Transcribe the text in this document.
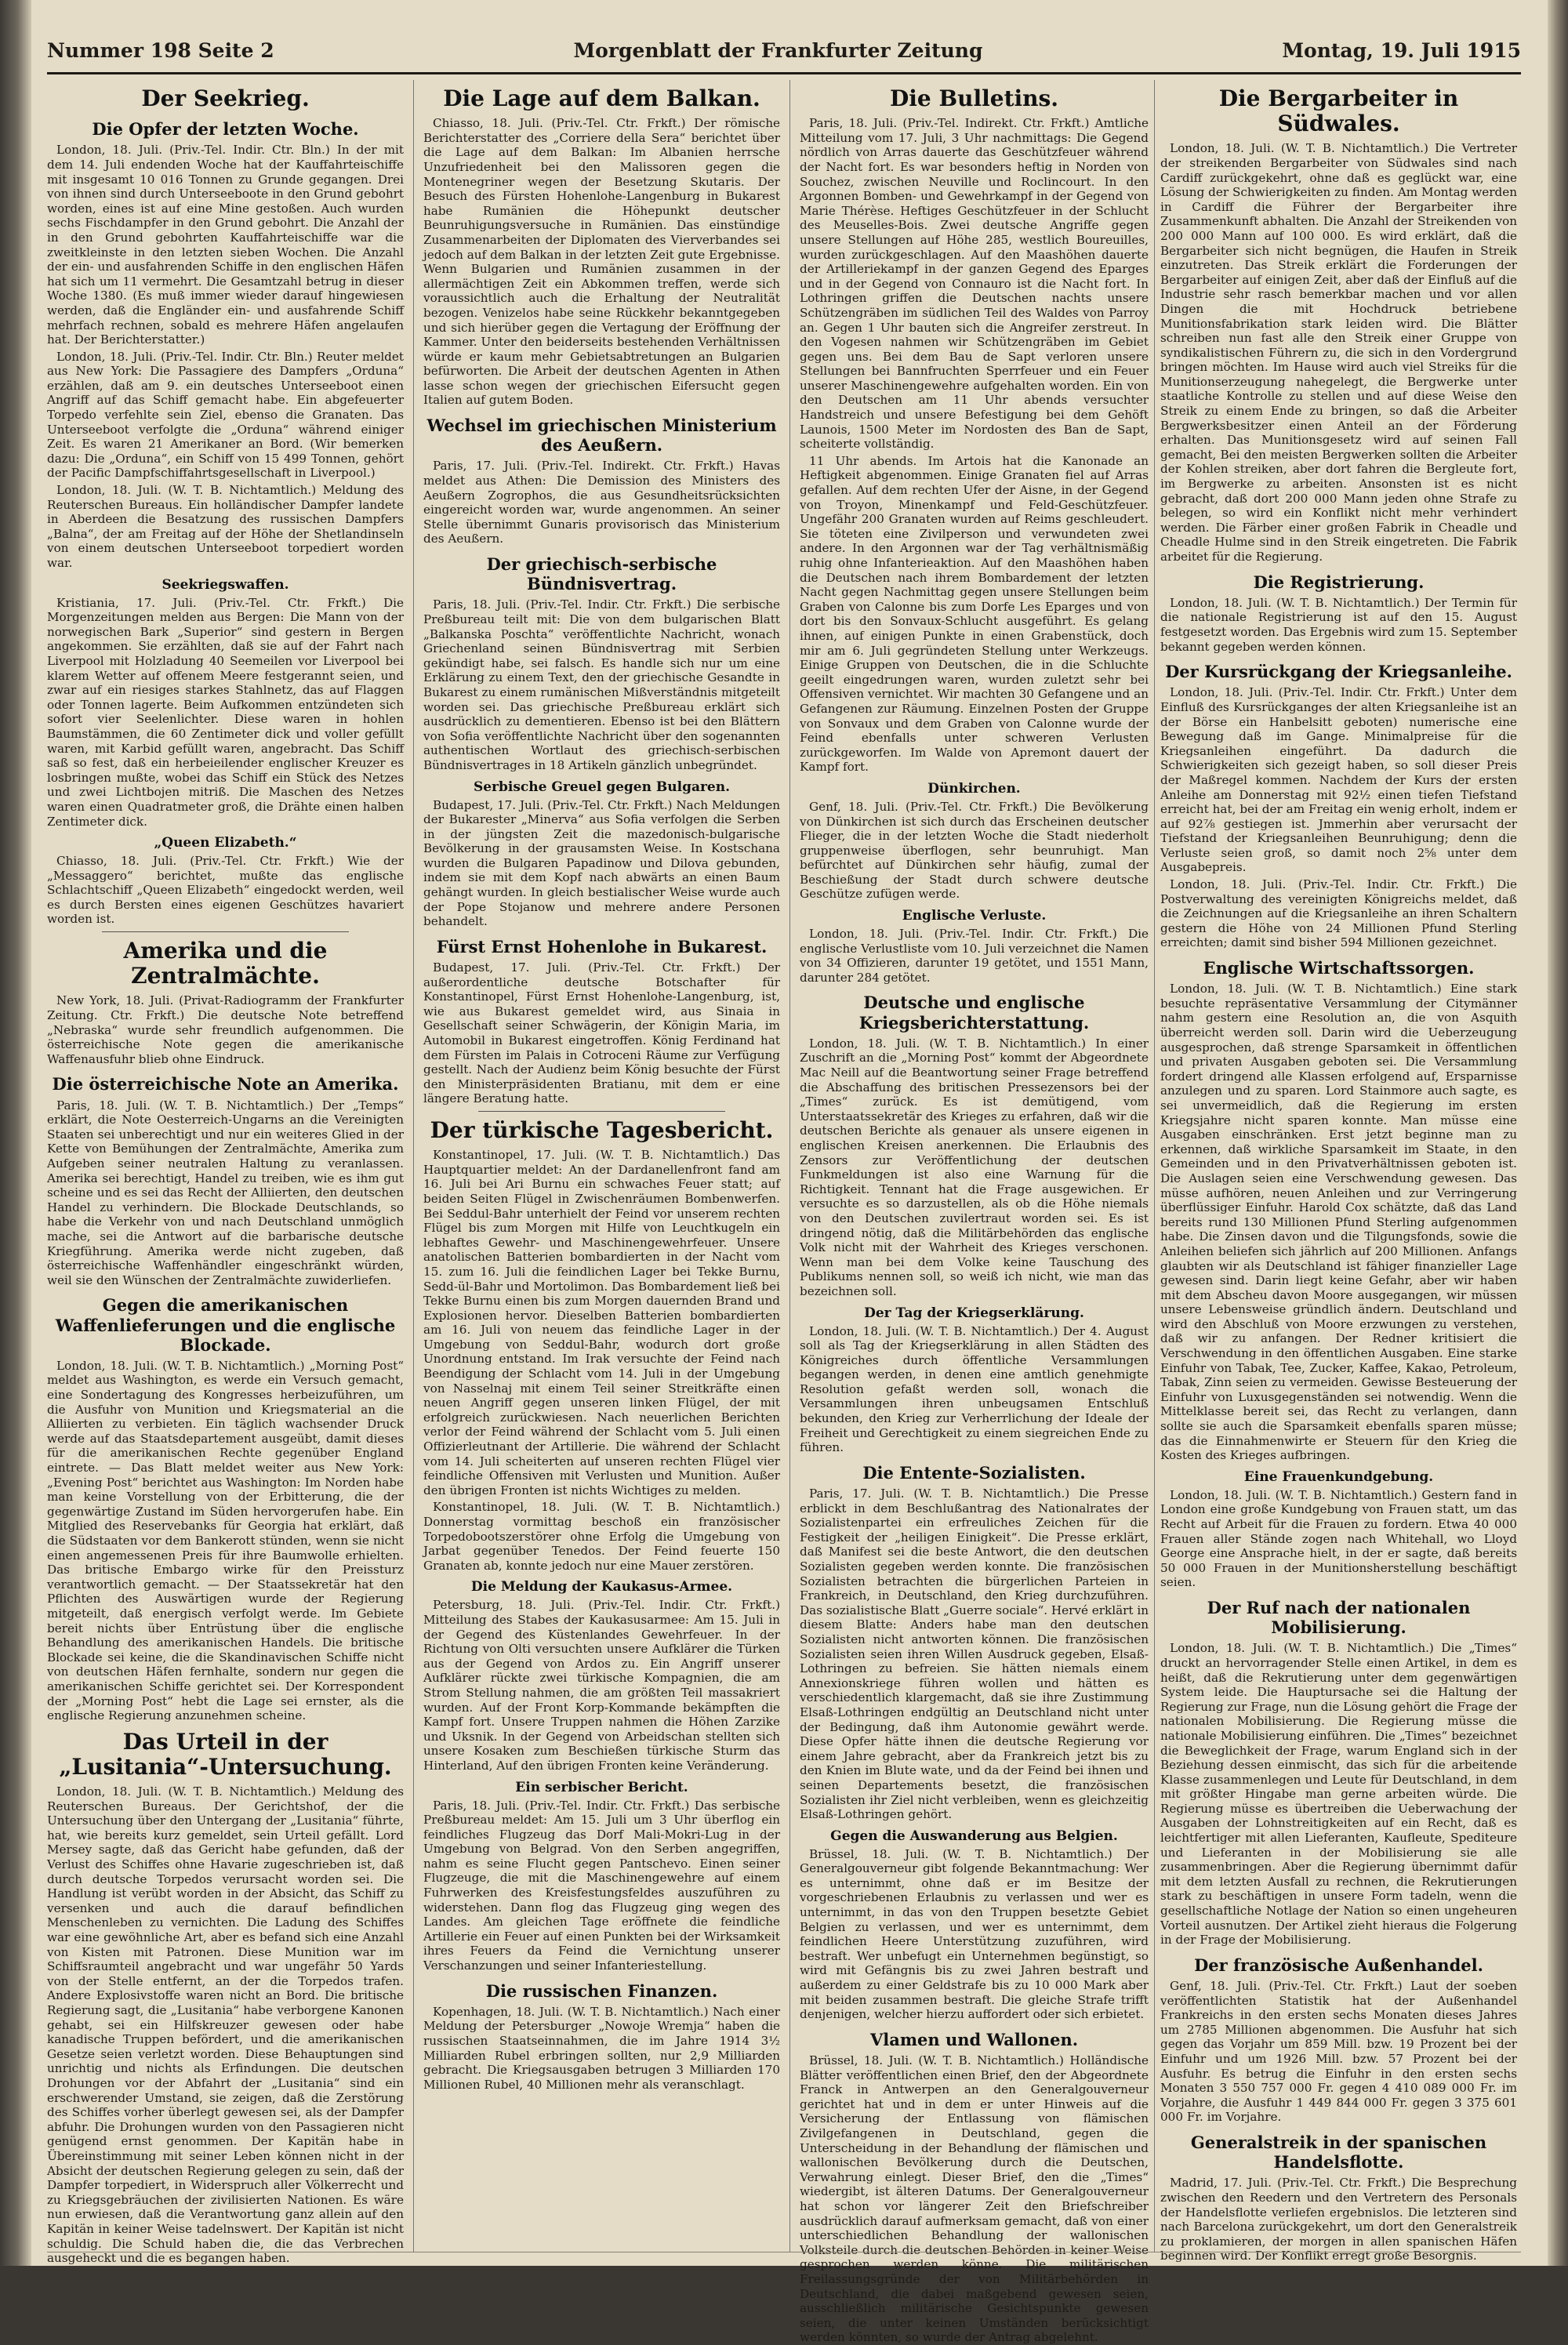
Nummer 198 Seite 2	Morgenblatt der Frankfurter Zeitung	Montag, 19. Juli 1915
Der Seekrieg.
Die Opfer der letzten Woche.

London, 18. Juli. (Priv.-Tel. Indir. Ctr. Bln.) In der mit dem 14. Juli endenden Woche hat der Kauffahrteischiffe mit insgesamt 10 016 Tonnen zu Grunde gegangen. Drei von ihnen sind durch Unterseeboote in den Grund gebohrt worden, eines ist auf eine Mine gestoßen. Auch wurden sechs Fischdampfer in den Grund gebohrt. Die Anzahl der in den Grund gebohrten Kauffahrteischiffe war die zweitkleinste in den letzten sieben Wochen. Die Anzahl der ein- und ausfahrenden Schiffe in den englischen Häfen hat sich um 11 vermehrt. Die Gesamtzahl betrug in dieser Woche 1380. (Es muß immer wieder darauf hingewiesen werden, daß die Engländer ein- und ausfahrende Schiff mehrfach rechnen, sobald es mehrere Häfen angelaufen hat. Der Berichterstatter.)

London, 18. Juli. (Priv.-Tel. Indir. Ctr. Bln.) Reuter meldet aus New York: Die Passagiere des Dampfers „Orduna“ erzählen, daß am 9. ein deutsches Unterseeboot einen Angriff auf das Schiff gemacht habe. Ein abgefeuerter Torpedo verfehlte sein Ziel, ebenso die Granaten. Das Unterseeboot verfolgte die „Orduna“ während einiger Zeit. Es waren 21 Amerikaner an Bord. (Wir bemerken dazu: Die „Orduna“, ein Schiff von 15 499 Tonnen, gehört der Pacific Dampfschiffahrtsgesellschaft in Liverpool.)

London, 18. Juli. (W. T. B. Nichtamtlich.) Meldung des Reuterschen Bureaus. Ein holländischer Dampfer landete in Aberdeen die Besatzung des russischen Dampfers „Balna“, der am Freitag auf der Höhe der Shetlandinseln von einem deutschen Unterseeboot torpediert worden war.

Seekriegswaffen.

Kristiania, 17. Juli. (Priv.-Tel. Ctr. Frkft.) Die Morgenzeitungen melden aus Bergen: Die Mann von der norwegischen Bark „Superior“ sind gestern in Bergen angekommen. Sie erzählten, daß sie auf der Fahrt nach Liverpool mit Holzladung 40 Seemeilen vor Liverpool bei klarem Wetter auf offenem Meere festgerannt seien, und zwar auf ein riesiges starkes Stahlnetz, das auf Flaggen oder Tonnen lagerte. Beim Aufkommen entzündeten sich sofort vier Seelenlichter. Diese waren in hohlen Baumstämmen, die 60 Zentimeter dick und voller gefüllt waren, mit Karbid gefüllt waren, angebracht. Das Schiff saß so fest, daß ein herbeieilender englischer Kreuzer es losbringen mußte, wobei das Schiff ein Stück des Netzes und zwei Lichtbojen mitriß. Die Maschen des Netzes waren einen Quadratmeter groß, die Drähte einen halben Zentimeter dick.

„Queen Elizabeth.“

Chiasso, 18. Juli. (Priv.-Tel. Ctr. Frkft.) Wie der „Messaggero“ berichtet, mußte das englische Schlachtschiff „Queen Elizabeth“ eingedockt werden, weil es durch Bersten eines eigenen Geschützes havariert worden ist.

Amerika und die Zentralmächte.

New York, 18. Juli. (Privat-Radiogramm der Frankfurter Zeitung. Ctr. Frkft.) Die deutsche Note betreffend „Nebraska“ wurde sehr freundlich aufgenommen. Die österreichische Note gegen die amerikanische Waffenausfuhr blieb ohne Eindruck.

Die österreichische Note an Amerika.

Paris, 18. Juli. (W. T. B. Nichtamtlich.) Der „Temps“ erklärt, die Note Oesterreich-Ungarns an die Vereinigten Staaten sei unberechtigt und nur ein weiteres Glied in der Kette von Bemühungen der Zentralmächte, Amerika zum Aufgeben seiner neutralen Haltung zu veranlassen. Amerika sei berechtigt, Handel zu treiben, wie es ihm gut scheine und es sei das Recht der Alliierten, den deutschen Handel zu verhindern. Die Blockade Deutschlands, so habe die Verkehr von und nach Deutschland unmöglich mache, sei die Antwort auf die barbarische deutsche Kriegführung. Amerika werde nicht zugeben, daß österreichische Waffenhändler eingeschränkt würden, weil sie den Wünschen der Zentralmächte zuwiderliefen.

Gegen die amerikanischen Waffenlieferungen und die englische Blockade.

London, 18. Juli. (W. T. B. Nichtamtlich.) „Morning Post“ meldet aus Washington, es werde ein Versuch gemacht, eine Sondertagung des Kongresses herbeizuführen, um die Ausfuhr von Munition und Kriegsmaterial an die Alliierten zu verbieten. Ein täglich wachsender Druck werde auf das Staatsdepartement ausgeübt, damit dieses für die amerikanischen Rechte gegenüber England eintrete. — Das Blatt meldet weiter aus New York: „Evening Post“ berichtet aus Washington: Im Norden habe man keine Vorstellung von der Erbitterung, die der gegenwärtige Zustand im Süden hervorgerufen habe. Ein Mitglied des Reservebanks für Georgia hat erklärt, daß die Südstaaten vor dem Bankerott stünden, wenn sie nicht einen angemessenen Preis für ihre Baumwolle erhielten. Das britische Embargo wirke für den Preissturz verantwortlich gemacht. — Der Staatssekretär hat den Pflichten des Auswärtigen wurde der Regierung mitgeteilt, daß energisch verfolgt werde. Im Gebiete bereit nichts über Entrüstung über die englische Behandlung des amerikanischen Handels. Die britische Blockade sei keine, die die Skandinavischen Schiffe nicht von deutschen Häfen fernhalte, sondern nur gegen die amerikanischen Schiffe gerichtet sei. Der Korrespondent der „Morning Post“ hebt die Lage sei ernster, als die englische Regierung anzunehmen scheine.

Das Urteil in der „Lusitania“-Untersuchung.

London, 18. Juli. (W. T. B. Nichtamtlich.) Meldung des Reuterschen Bureaus. Der Gerichtshof, der die Untersuchung über den Untergang der „Lusitania“ führte, hat, wie bereits kurz gemeldet, sein Urteil gefällt. Lord Mersey sagte, daß das Gericht habe gefunden, daß der Verlust des Schiffes ohne Havarie zugeschrieben ist, daß durch deutsche Torpedos verursacht worden sei. Die Handlung ist verübt worden in der Absicht, das Schiff zu versenken und auch die darauf befindlichen Menschenleben zu vernichten. Die Ladung des Schiffes war eine gewöhnliche Art, aber es befand sich eine Anzahl von Kisten mit Patronen. Diese Munition war im Schiffsraumteil angebracht und war ungefähr 50 Yards von der Stelle entfernt, an der die Torpedos trafen. Andere Explosivstoffe waren nicht an Bord. Die britische Regierung sagt, die „Lusitania“ habe verborgene Kanonen gehabt, sei ein Hilfskreuzer gewesen oder habe kanadische Truppen befördert, und die amerikanischen Gesetze seien verletzt worden. Diese Behauptungen sind unrichtig und nichts als Erfindungen. Die deutschen Drohungen vor der Abfahrt der „Lusitania“ sind ein erschwerender Umstand, sie zeigen, daß die Zerstörung des Schiffes vorher überlegt gewesen sei, als der Dampfer abfuhr. Die Drohungen wurden von den Passagieren nicht genügend ernst genommen. Der Kapitän habe in Übereinstimmung mit seiner Leben können nicht in der Absicht der deutschen Regierung gelegen zu sein, daß der Dampfer torpediert, in Widerspruch aller Völkerrecht und zu Kriegsgebräuchen der zivilisierten Nationen. Es wäre nun erwiesen, daß die Verantwortung ganz allein auf den Kapitän in keiner Weise tadelnswert. Der Kapitän ist nicht schuldig. Die Schuld haben die, die das Verbrechen ausgeheckt und die es begangen haben.

Die Lage auf dem Balkan.

Chiasso, 18. Juli. (Priv.-Tel. Ctr. Frkft.) Der römische Berichterstatter des „Corriere della Sera“ berichtet über die Lage auf dem Balkan: Im Albanien herrsche Unzufriedenheit bei den Malissoren gegen die Montenegriner wegen der Besetzung Skutaris. Der Besuch des Fürsten Hohenlohe-Langenburg in Bukarest habe Rumänien die Höhepunkt deutscher Beunruhigungsversuche in Rumänien. Das einstündige Zusammenarbeiten der Diplomaten des Vierverbandes sei jedoch auf dem Balkan in der letzten Zeit gute Ergebnisse. Wenn Bulgarien und Rumänien zusammen in der allermächtigen Zeit ein Abkommen treffen, werde sich voraussichtlich auch die Erhaltung der Neutralität bezogen. Venizelos habe seine Rückkehr bekanntgegeben und sich hierüber gegen die Vertagung der Eröffnung der Kammer. Unter den beiderseits bestehenden Verhältnissen würde er kaum mehr Gebietsabtretungen an Bulgarien befürworten. Die Arbeit der deutschen Agenten in Athen lasse schon wegen der griechischen Eifersucht gegen Italien auf gutem Boden.

Wechsel im griechischen Ministerium des Aeußern.

Paris, 17. Juli. (Priv.-Tel. Indirekt. Ctr. Frkft.) Havas meldet aus Athen: Die Demission des Ministers des Aeußern Zogrophos, die aus Gesundheitsrücksichten eingereicht worden war, wurde angenommen. An seiner Stelle übernimmt Gunaris provisorisch das Ministerium des Aeußern.

Der griechisch-serbische Bündnisvertrag.

Paris, 18. Juli. (Priv.-Tel. Indir. Ctr. Frkft.) Die serbische Preßbureau teilt mit: Die von dem bulgarischen Blatt „Balkanska Poschta“ veröffentlichte Nachricht, wonach Griechenland seinen Bündnisvertrag mit Serbien gekündigt habe, sei falsch. Es handle sich nur um eine Erklärung zu einem Text, den der griechische Gesandte in Bukarest zu einem rumänischen Mißverständnis mitgeteilt worden sei. Das griechische Preßbureau erklärt sich ausdrücklich zu dementieren. Ebenso ist bei den Blättern von Sofia veröffentlichte Nachricht über den sogenannten authentischen Wortlaut des griechisch-serbischen Bündnisvertrages in 18 Artikeln gänzlich unbegründet.

Serbische Greuel gegen Bulgaren.

Budapest, 17. Juli. (Priv.-Tel. Ctr. Frkft.) Nach Meldungen der Bukarester „Minerva“ aus Sofia verfolgen die Serben in der jüngsten Zeit die mazedonisch-bulgarische Bevölkerung in der grausamsten Weise. In Kostschana wurden die Bulgaren Papadinow und Dilova gebunden, indem sie mit dem Kopf nach abwärts an einen Baum gehängt wurden. In gleich bestialischer Weise wurde auch der Pope Stojanow und mehrere andere Personen behandelt.

Fürst Ernst Hohenlohe in Bukarest.

Budapest, 17. Juli. (Priv.-Tel. Ctr. Frkft.) Der außerordentliche deutsche Botschafter für Konstantinopel, Fürst Ernst Hohenlohe-Langenburg, ist, wie aus Bukarest gemeldet wird, aus Sinaia in Gesellschaft seiner Schwägerin, der Königin Maria, im Automobil in Bukarest eingetroffen. König Ferdinand hat dem Fürsten im Palais in Cotroceni Räume zur Verfügung gestellt. Nach der Audienz beim König besuchte der Fürst den Ministerpräsidenten Bratianu, mit dem er eine längere Beratung hatte.

Der türkische Tagesbericht.

Konstantinopel, 17. Juli. (W. T. B. Nichtamtlich.) Das Hauptquartier meldet: An der Dardanellenfront fand am 16. Juli bei Ari Burnu ein schwaches Feuer statt; auf beiden Seiten Flügel in Zwischenräumen Bombenwerfen. Bei Seddul-Bahr unterhielt der Feind vor unserem rechten Flügel bis zum Morgen mit Hilfe von Leuchtkugeln ein lebhaftes Gewehr- und Maschinengewehrfeuer. Unsere anatolischen Batterien bombardierten in der Nacht vom 15. zum 16. Juli die feindlichen Lager bei Tekke Burnu, Sedd-ül-Bahr und Mortolimon. Das Bombardement ließ bei Tekke Burnu einen bis zum Morgen dauernden Brand und Explosionen hervor. Dieselben Batterien bombardierten am 16. Juli von neuem das feindliche Lager in der Umgebung von Seddul-Bahr, wodurch dort große Unordnung entstand. Im Irak versuchte der Feind nach Beendigung der Schlacht vom 14. Juli in der Umgebung von Nasselnaj mit einem Teil seiner Streitkräfte einen neuen Angriff gegen unseren linken Flügel, der mit erfolgreich zurückwiesen. Nach neuerlichen Berichten verlor der Feind während der Schlacht vom 5. Juli einen Offizierleutnant der Artillerie. Die während der Schlacht vom 14. Juli scheiterten auf unseren rechten Flügel vier feindliche Offensiven mit Verlusten und Munition. Außer den übrigen Fronten ist nichts Wichtiges zu melden.

Konstantinopel, 18. Juli. (W. T. B. Nichtamtlich.) Donnerstag vormittag beschoß ein französischer Torpedobootszerstörer ohne Erfolg die Umgebung von Jarbat gegenüber Tenedos. Der Feind feuerte 150 Granaten ab, konnte jedoch nur eine Mauer zerstören.

Die Meldung der Kaukasus-Armee.

Petersburg, 18. Juli. (Priv.-Tel. Indir. Ctr. Frkft.) Mitteilung des Stabes der Kaukasusarmee: Am 15. Juli in der Gegend des Küstenlandes Gewehrfeuer. In der Richtung von Olti versuchten unsere Aufklärer die Türken aus der Gegend von Ardos zu. Ein Angriff unserer Aufklärer rückte zwei türkische Kompagnien, die am Strom Stellung nahmen, die am größten Teil massakriert wurden. Auf der Front Korp-Kommande bekämpften die Kampf fort. Unsere Truppen nahmen die Höhen Zarzike und Uksnik. In der Gegend von Arbeidschan stellten sich unsere Kosaken zum Beschießen türkische Sturm das Hinterland, Auf den übrigen Fronten keine Veränderung.

Ein serbischer Bericht.

Paris, 18. Juli. (Priv.-Tel. Indir. Ctr. Frkft.) Das serbische Preßbureau meldet: Am 15. Juli um 3 Uhr überflog ein feindliches Flugzeug das Dorf Mali-Mokri-Lug in der Umgebung von Belgrad. Von den Serben angegriffen, nahm es seine Flucht gegen Pantschevo. Einen seiner Flugzeuge, die mit die Maschinengewehre auf einem Fuhrwerken des Kreisfestungsfeldes auszuführen zu widerstehen. Dann flog das Flugzeug ging wegen des Landes. Am gleichen Tage eröffnete die feindliche Artillerie ein Feuer auf einen Punkten bei der Wirksamkeit ihres Feuers da Feind die Vernichtung unserer Verschanzungen und seiner Infanteriestellung.

Die russischen Finanzen.

Kopenhagen, 18. Juli. (W. T. B. Nichtamtlich.) Nach einer Meldung der Petersburger „Nowoje Wremja“ haben die russischen Staatseinnahmen, die im Jahre 1914 3½ Milliarden Rubel erbringen sollten, nur 2,9 Milliarden gebracht. Die Kriegsausgaben betrugen 3 Milliarden 170 Millionen Rubel, 40 Millionen mehr als veranschlagt.

Die Bulletins.

Paris, 18. Juli. (Priv.-Tel. Indirekt. Ctr. Frkft.) Amtliche Mitteilung vom 17. Juli, 3 Uhr nachmittags: Die Gegend nördlich von Arras dauerte das Geschützfeuer während der Nacht fort. Es war besonders heftig in Norden von Souchez, zwischen Neuville und Roclincourt. In den Argonnen Bomben- und Gewehrkampf in der Gegend von Marie Thérèse. Heftiges Geschützfeuer in der Schlucht des Meuselles-Bois. Zwei deutsche Angriffe gegen unsere Stellungen auf Höhe 285, westlich Boureuilles, wurden zurückgeschlagen. Auf den Maashöhen dauerte der Artilleriekampf in der ganzen Gegend des Eparges und in der Gegend von Connauro ist die Nacht fort. In Lothringen griffen die Deutschen nachts unsere Schützengräben im südlichen Teil des Waldes von Parroy an. Gegen 1 Uhr bauten sich die Angreifer zerstreut. In den Vogesen nahmen wir Schützengräben im Gebiet gegen uns. Bei dem Bau de Sapt verloren unsere Stellungen bei Bannfruchten Sperrfeuer und ein Feuer unserer Maschinengewehre aufgehalten worden. Ein von den Deutschen am 11 Uhr abends versuchter Handstreich und unsere Befestigung bei dem Gehöft Launois, 1500 Meter im Nordosten des Ban de Sapt, scheiterte vollständig.

11 Uhr abends. Im Artois hat die Kanonade an Heftigkeit abgenommen. Einige Granaten fiel auf Arras gefallen. Auf dem rechten Ufer der Aisne, in der Gegend von Troyon, Minenkampf und Feld-Geschützfeuer. Ungefähr 200 Granaten wurden auf Reims geschleudert. Sie töteten eine Zivilperson und verwundeten zwei andere. In den Argonnen war der Tag verhältnismäßig ruhig ohne Infanterieaktion. Auf den Maashöhen haben die Deutschen nach ihrem Bombardement der letzten Nacht gegen Nachmittag gegen unsere Stellungen beim Graben von Calonne bis zum Dorfe Les Eparges und von dort bis den Sonvaux-Schlucht ausgeführt. Es gelang ihnen, auf einigen Punkte in einen Grabenstück, doch mir am 6. Juli gegründeten Stellung unter Werkzeugs. Einige Gruppen von Deutschen, die in die Schluchte geeilt eingedrungen waren, wurden zuletzt sehr bei Offensiven vernichtet. Wir machten 30 Gefangene und an Gefangenen zur Räumung. Einzelnen Posten der Gruppe von Sonvaux und dem Graben von Calonne wurde der Feind ebenfalls unter schweren Verlusten zurückgeworfen. Im Walde von Apremont dauert der Kampf fort.

Dünkirchen.

Genf, 18. Juli. (Priv.-Tel. Ctr. Frkft.) Die Bevölkerung von Dünkirchen ist sich durch das Erscheinen deutscher Flieger, die in der letzten Woche die Stadt niederholt gruppenweise überflogen, sehr beunruhigt. Man befürchtet auf Dünkirchen sehr häufig, zumal der Beschießung der Stadt durch schwere deutsche Geschütze zufügen werde.

Englische Verluste.

London, 18. Juli. (Priv.-Tel. Indir. Ctr. Frkft.) Die englische Verlustliste vom 10. Juli verzeichnet die Namen von 34 Offizieren, darunter 19 getötet, und 1551 Mann, darunter 284 getötet.

Deutsche und englische Kriegsberichterstattung.

London, 18. Juli. (W. T. B. Nichtamtlich.) In einer Zuschrift an die „Morning Post“ kommt der Abgeordnete Mac Neill auf die Beantwortung seiner Frage betreffend die Abschaffung des britischen Pressezensors bei der „Times“ zurück. Es ist demütigend, vom Unterstaatssekretär des Krieges zu erfahren, daß wir die deutschen Berichte als genauer als unsere eigenen in englischen Kreisen anerkennen. Die Erlaubnis des Zensors zur Veröffentlichung der deutschen Funkmeldungen ist also eine Warnung für die Richtigkeit. Tennant hat die Frage ausgewichen. Er versuchte es so darzustellen, als ob die Höhe niemals von den Deutschen zuvilertraut worden sei. Es ist dringend nötig, daß die Militärbehörden das englische Volk nicht mit der Wahrheit des Krieges verschonen. Wenn man bei dem Volke keine Tauschung des Publikums nennen soll, so weiß ich nicht, wie man das bezeichnen soll.

Der Tag der Kriegserklärung.

London, 18. Juli. (W. T. B. Nichtamtlich.) Der 4. August soll als Tag der Kriegserklärung in allen Städten des Königreiches durch öffentliche Versammlungen begangen werden, in denen eine amtlich genehmigte Resolution gefaßt werden soll, wonach die Versammlungen ihren unbeugsamen Entschluß bekunden, den Krieg zur Verherrlichung der Ideale der Freiheit und Gerechtigkeit zu einem siegreichen Ende zu führen.

Die Entente-Sozialisten.

Paris, 17. Juli. (W. T. B. Nichtamtlich.) Die Presse erblickt in dem Beschlußantrag des Nationalrates der Sozialistenpartei ein erfreuliches Zeichen für die Festigkeit der „heiligen Einigkeit“. Die Presse erklärt, daß Manifest sei die beste Antwort, die den deutschen Sozialisten gegeben werden konnte. Die französischen Sozialisten betrachten die bürgerlichen Parteien in Frankreich, in Deutschland, den Krieg durchzuführen. Das sozialistische Blatt „Guerre sociale“. Hervé erklärt in diesem Blatte: Anders habe man den deutschen Sozialisten nicht antworten können. Die französischen Sozialisten seien ihren Willen Ausdruck gegeben, Elsaß-Lothringen zu befreien. Sie hätten niemals einem Annexionskriege führen wollen und hätten es verschiedentlich klargemacht, daß sie ihre Zustimmung Elsaß-Lothringen endgültig an Deutschland nicht unter der Bedingung, daß ihm Autonomie gewährt werde. Diese Opfer hätte ihnen die deutsche Regierung vor einem Jahre gebracht, aber da Frankreich jetzt bis zu den Knien im Blute wate, und da der Feind bei ihnen und seinen Departements besetzt, die französischen Sozialisten ihr Ziel nicht verbleiben, wenn es gleichzeitig Elsaß-Lothringen gehört.

Gegen die Auswanderung aus Belgien.

Brüssel, 18. Juli. (W. T. B. Nichtamtlich.) Der Generalgouverneur gibt folgende Bekanntmachung: Wer es unternimmt, ohne daß er im Besitze der vorgeschriebenen Erlaubnis zu verlassen und wer es unternimmt, in das von den Truppen besetzte Gebiet Belgien zu verlassen, und wer es unternimmt, dem feindlichen Heere Unterstützung zuzuführen, wird bestraft. Wer unbefugt ein Unternehmen begünstigt, so wird mit Gefängnis bis zu zwei Jahren bestraft und außerdem zu einer Geldstrafe bis zu 10 000 Mark aber mit beiden zusammen bestraft. Die gleiche Strafe trifft denjenigen, welcher hierzu auffordert oder sich erbietet.

Vlamen und Wallonen.

Brüssel, 18. Juli. (W. T. B. Nichtamtlich.) Holländische Blätter veröffentlichen einen Brief, den der Abgeordnete Franck in Antwerpen an den Generalgouverneur gerichtet hat und in dem er unter Hinweis auf die Versicherung der Entlassung von flämischen Zivilgefangenen in Deutschland, gegen die Unterscheidung in der Behandlung der flämischen und wallonischen Bevölkerung durch die Deutschen, Verwahrung einlegt. Dieser Brief, den die „Times“ wiedergibt, ist älteren Datums. Der Generalgouverneur hat schon vor längerer Zeit den Briefschreiber ausdrücklich darauf aufmerksam gemacht, daß von einer unterschiedlichen Behandlung der wallonischen Volksteile durch die deutschen Behörden in keiner Weise gesprochen werden könne. Die militärischen Freilassungsgründe der von Militärbehörden in Deutschland, die dabei maßgebend gewesen seien, ausschließlich militärische Gesichtspunkte gewesen seien, die unter keinen Umständen berücksichtigt werden könnten, so wurde der Antrag abgelehnt.

Die Bergarbeiter in Südwales.

London, 18. Juli. (W. T. B. Nichtamtlich.) Die Vertreter der streikenden Bergarbeiter von Südwales sind nach Cardiff zurückgekehrt, ohne daß es geglückt war, eine Lösung der Schwierigkeiten zu finden. Am Montag werden in Cardiff die Führer der Bergarbeiter ihre Zusammenkunft abhalten. Die Anzahl der Streikenden von 200 000 Mann auf 100 000. Es wird erklärt, daß die Bergarbeiter sich nicht begnügen, die Haufen in Streik einzutreten. Das Streik erklärt die Forderungen der Bergarbeiter auf einigen Zeit, aber daß der Einfluß auf die Industrie sehr rasch bemerkbar machen und vor allen Dingen die mit Hochdruck betriebene Munitionsfabrikation stark leiden wird. Die Blätter schreiben nun fast alle den Streik einer Gruppe von syndikalistischen Führern zu, die sich in den Vordergrund bringen möchten. Im Hause wird auch viel Streiks für die Munitionserzeugung nahegelegt, die Bergwerke unter staatliche Kontrolle zu stellen und auf diese Weise den Streik zu einem Ende zu bringen, so daß die Arbeiter Bergwerksbesitzer einen Anteil an der Förderung erhalten. Das Munitionsgesetz wird auf seinen Fall gemacht, Bei den meisten Bergwerken sollten die Arbeiter der Kohlen streiken, aber dort fahren die Bergleute fort, im Bergwerke zu arbeiten. Ansonsten ist es nicht gebracht, daß dort 200 000 Mann jeden ohne Strafe zu belegen, so wird ein Konflikt nicht mehr verhindert werden. Die Färber einer großen Fabrik in Cheadle und Cheadle Hulme sind in den Streik eingetreten. Die Fabrik arbeitet für die Regierung.

Die Registrierung.

London, 18. Juli. (W. T. B. Nichtamtlich.) Der Termin für die nationale Registrierung ist auf den 15. August festgesetzt worden. Das Ergebnis wird zum 15. September bekannt gegeben werden können.

Der Kursrückgang der Kriegsanleihe.

London, 18. Juli. (Priv.-Tel. Indir. Ctr. Frkft.) Unter dem Einfluß des Kursrückganges der alten Kriegsanleihe ist an der Börse ein Hanbelsitt geboten) numerische eine Bewegung daß im Gange. Minimalpreise für die Kriegsanleihen eingeführt. Da dadurch die Schwierigkeiten sich gezeigt haben, so soll dieser Preis der Maßregel kommen. Nachdem der Kurs der ersten Anleihe am Donnerstag mit 92½ einen tiefen Tiefstand erreicht hat, bei der am Freitag ein wenig erholt, indem er auf 92⅞ gestiegen ist. Jmmerhin aber verursacht der Tiefstand der Kriegsanleihen Beunruhigung; denn die Verluste seien groß, so damit noch 2⅝ unter dem Ausgabepreis.

London, 18. Juli. (Priv.-Tel. Indir. Ctr. Frkft.) Die Postverwaltung des vereinigten Königreichs meldet, daß die Zeichnungen auf die Kriegsanleihe an ihren Schaltern gestern die Höhe von 24 Millionen Pfund Sterling erreichten; damit sind bisher 594 Millionen gezeichnet.

Englische Wirtschaftssorgen.

London, 18. Juli. (W. T. B. Nichtamtlich.) Eine stark besuchte repräsentative Versammlung der Citymänner nahm gestern eine Resolution an, die von Asquith überreicht werden soll. Darin wird die Ueberzeugung ausgesprochen, daß strenge Sparsamkeit in öffentlichen und privaten Ausgaben geboten sei. Die Versammlung fordert dringend alle Klassen erfolgend auf, Ersparnisse anzulegen und zu sparen. Lord Stainmore auch sagte, es sei unvermeidlich, daß die Regierung im ersten Kriegsjahre nicht sparen konnte. Man müsse eine Ausgaben einschränken. Erst jetzt beginne man zu erkennen, daß wirkliche Sparsamkeit im Staate, in den Gemeinden und in den Privatverhältnissen geboten ist. Die Auslagen seien eine Verschwendung gewesen. Das müsse aufhören, neuen Anleihen und zur Verringerung überflüssiger Einfuhr. Harold Cox schätzte, daß das Land bereits rund 130 Millionen Pfund Sterling aufgenommen habe. Die Zinsen davon und die Tilgungsfonds, sowie die Anleihen beliefen sich jährlich auf 200 Millionen. Anfangs glaubten wir als Deutschland ist fähiger finanzieller Lage gewesen sind. Darin liegt keine Gefahr, aber wir haben mit dem Abscheu davon Moore ausgegangen, wir müssen unsere Lebensweise gründlich ändern. Deutschland und wird den Abschluß von Moore erzwungen zu verstehen, daß wir zu anfangen. Der Redner kritisiert die Verschwendung in den öffentlichen Ausgaben. Eine starke Einfuhr von Tabak, Tee, Zucker, Kaffee, Kakao, Petroleum, Tabak, Zinn seien zu vermeiden. Gewisse Besteuerung der Einfuhr von Luxusgegenständen sei notwendig. Wenn die Mittelklasse bereit sei, das Recht zu verlangen, dann sollte sie auch die Sparsamkeit ebenfalls sparen müsse; das die Einnahmenwirte er Steuern für den Krieg die Kosten des Krieges aufbringen.

Eine Frauenkundgebung.

London, 18. Juli. (W. T. B. Nichtamtlich.) Gestern fand in London eine große Kundgebung von Frauen statt, um das Recht auf Arbeit für die Frauen zu fordern. Etwa 40 000 Frauen aller Stände zogen nach Whitehall, wo Lloyd George eine Ansprache hielt, in der er sagte, daß bereits 50 000 Frauen in der Munitionsherstellung beschäftigt seien.

Der Ruf nach der nationalen Mobilisierung.

London, 18. Juli. (W. T. B. Nichtamtlich.) Die „Times“ druckt an hervorragender Stelle einen Artikel, in dem es heißt, daß die Rekrutierung unter dem gegenwärtigen System leide. Die Hauptursache sei die Haltung der Regierung zur Frage, nun die Lösung gehört die Frage der nationalen Mobilisierung. Die Regierung müsse die nationale Mobilisierung einführen. Die „Times“ bezeichnet die Beweglichkeit der Frage, warum England sich in der Beziehung dessen einmischt, das sich für die arbeitende Klasse zusammenlegen und Leute für Deutschland, in dem mit größter Hingabe man gerne arbeiten würde. Die Regierung müsse es übertreiben die Ueberwachung der Ausgaben der Lohnstreitigkeiten auf ein Recht, daß es leichtfertiger mit allen Lieferanten, Kaufleute, Spediteure und Lieferanten in der Mobilisierung sie alle zusammenbringen. Aber die Regierung übernimmt dafür mit dem letzten Ausfall zu rechnen, die Rekrutierungen stark zu beschäftigen in unsere Form tadeln, wenn die gesellschaftliche Notlage der Nation so einen ungeheuren Vorteil ausnutzen. Der Artikel zieht hieraus die Folgerung in der Frage der Mobilisierung.

Der französische Außenhandel.

Genf, 18. Juli. (Priv.-Tel. Ctr. Frkft.) Laut der soeben veröffentlichten Statistik hat der Außenhandel Frankreichs in den ersten sechs Monaten dieses Jahres um 2785 Millionen abgenommen. Die Ausfuhr hat sich gegen das Vorjahr um 859 Mill. bzw. 19 Prozent bei der Einfuhr und um 1926 Mill. bzw. 57 Prozent bei der Ausfuhr. Es betrug die Einfuhr in den ersten sechs Monaten 3 550 757 000 Fr. gegen 4 410 089 000 Fr. im Vorjahre, die Ausfuhr 1 449 844 000 Fr. gegen 3 375 601 000 Fr. im Vorjahre.

Generalstreik in der spanischen Handelsflotte.

Madrid, 17. Juli. (Priv.-Tel. Ctr. Frkft.) Die Besprechung zwischen den Reedern und den Vertretern des Personals der Handelsflotte verliefen ergebnislos. Die letzteren sind nach Barcelona zurückgekehrt, um dort den Generalstreik zu proklamieren, der morgen in allen spanischen Häfen beginnen wird. Der Konflikt erregt große Besorgnis.
